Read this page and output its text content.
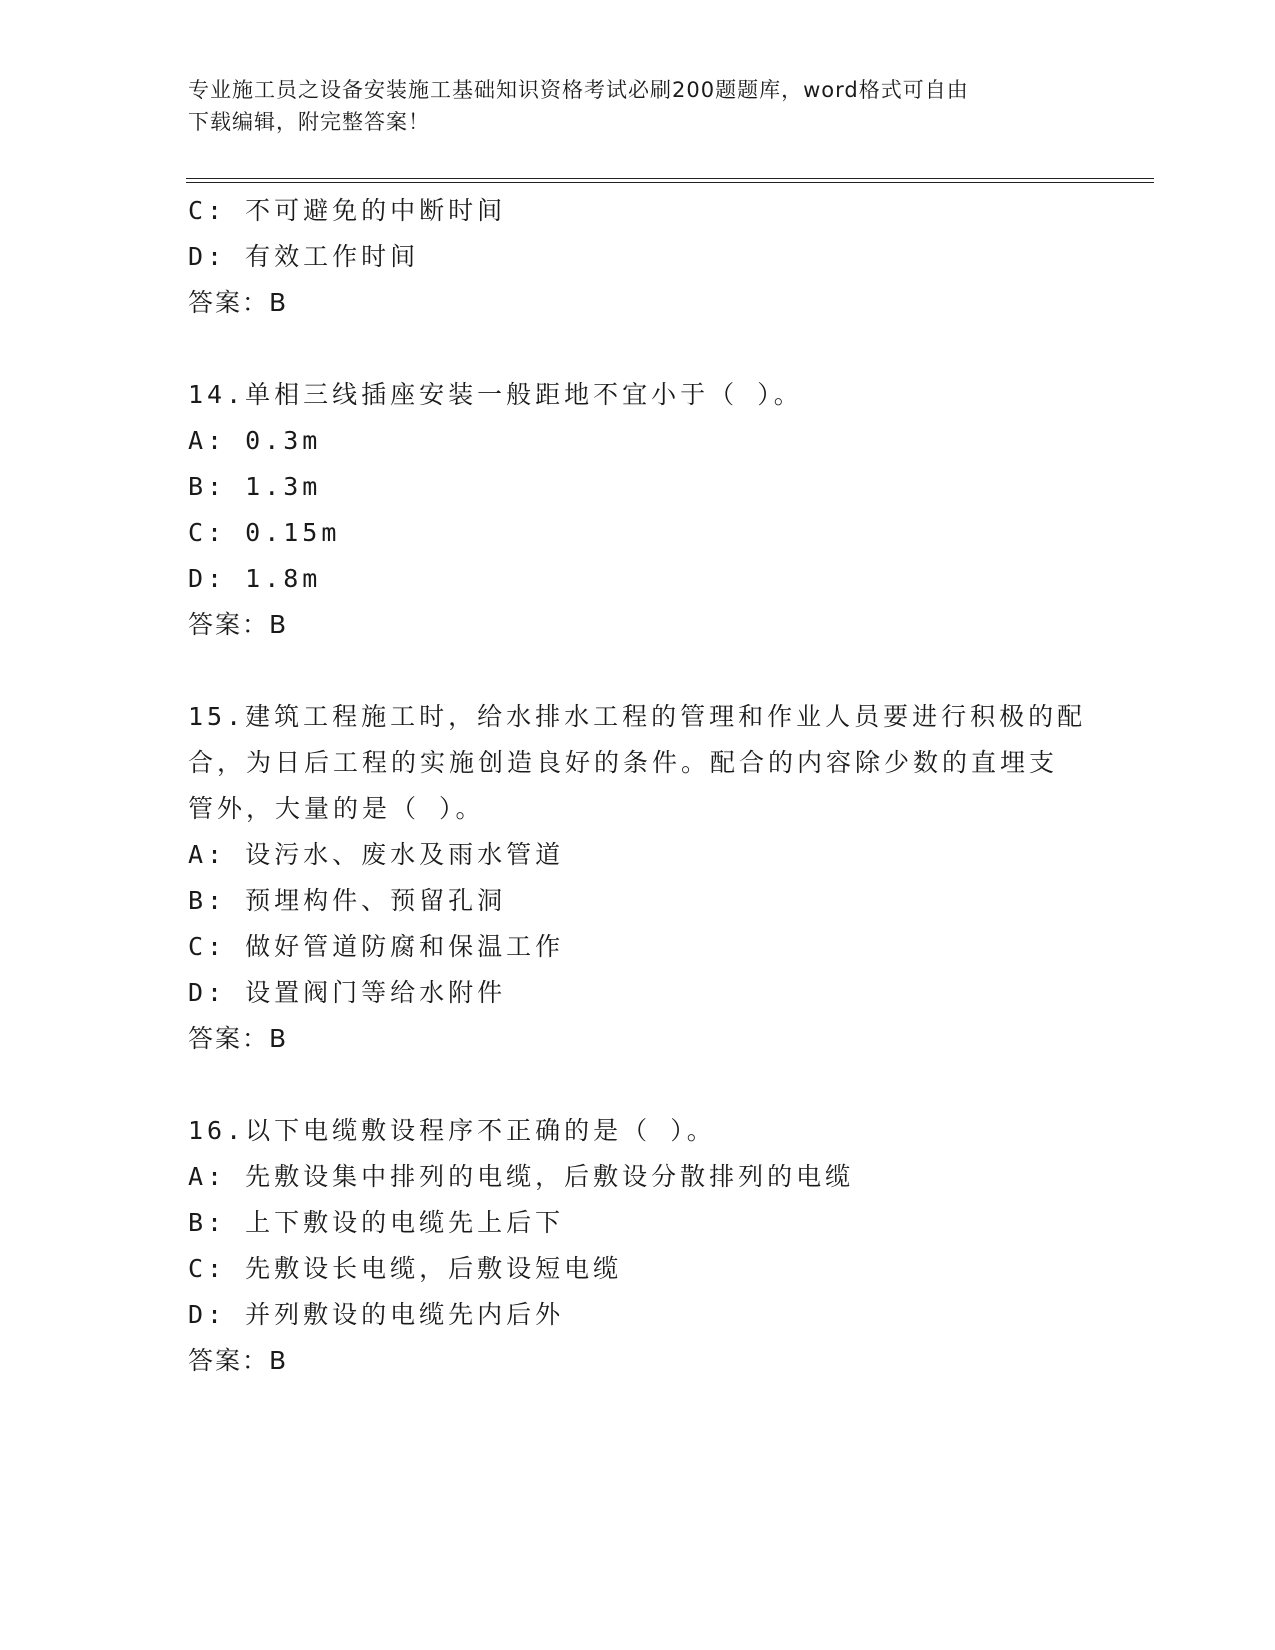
专业施工员之设备安装施工基础知识资格考试必刷200题题库，word格式可自由
下载编辑，附完整答案！
C: 不可避免的中断时间
D: 有效工作时间
答案：B
14.单相三线插座安装一般距地不宜小于（ ）。
A: 0.3m
B: 1.3m
C: 0.15m
D: 1.8m
答案：B
15.建筑工程施工时，给水排水工程的管理和作业人员要进行积极的配
合，为日后工程的实施创造良好的条件。配合的内容除少数的直埋支
管外，大量的是（ ）。
A: 设污水、废水及雨水管道
B: 预埋构件、预留孔洞
C: 做好管道防腐和保温工作
D: 设置阀门等给水附件
答案：B
16.以下电缆敷设程序不正确的是（ ）。
A: 先敷设集中排列的电缆，后敷设分散排列的电缆
B: 上下敷设的电缆先上后下
C: 先敷设长电缆，后敷设短电缆
D: 并列敷设的电缆先内后外
答案：B
